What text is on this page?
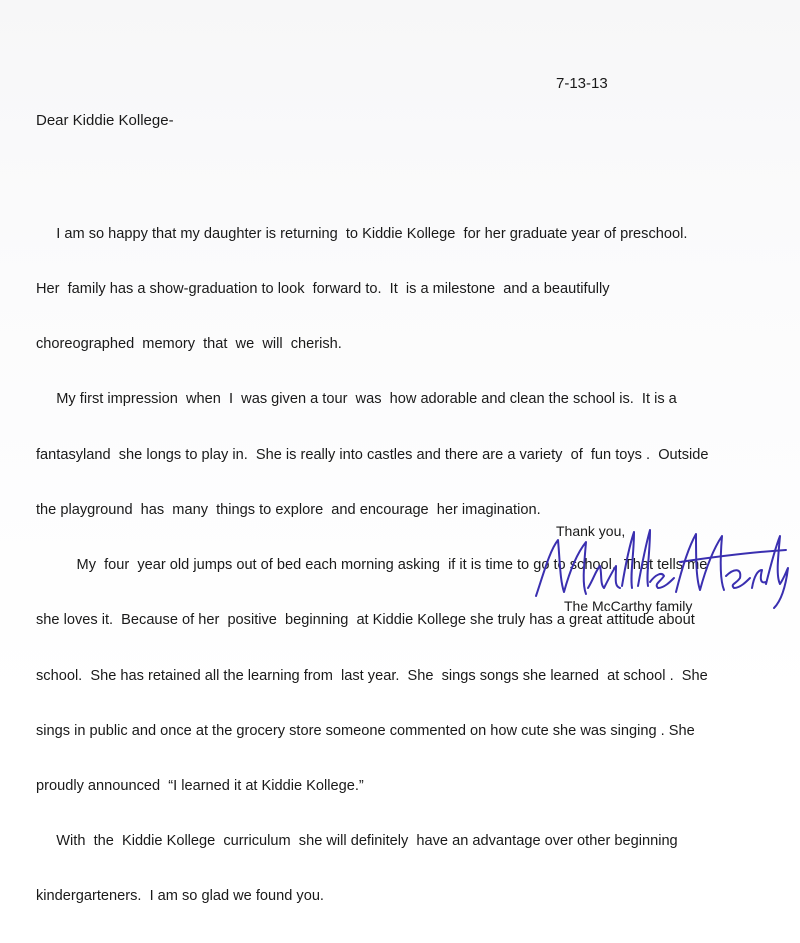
7-13-13
Dear Kiddie Kollege-

I am so happy that my daughter is returning  to Kiddie Kollege  for her graduate year of preschool.

Her  family has a show-graduation to look  forward to.  It  is a milestone  and a beautifully

choreographed  memory  that  we  will  cherish.

My first impression  when  I  was given a tour  was  how adorable and clean the school is.  It is a

fantasyland  she longs to play in.  She is really into castles and there are a variety  of  fun toys .  Outside

the playground  has  many  things to explore  and encourage  her imagination.

My  four  year old jumps out of bed each morning asking  if it is time to go to school.  That tells me

she loves it.  Because of her  positive  beginning  at Kiddie Kollege she truly has a great attitude about

school.  She has retained all the learning from  last year.  She  sings songs she learned  at school .  She

sings in public and once at the grocery store someone commented on how cute she was singing . She

proudly announced  “I learned it at Kiddie Kollege.”

With  the  Kiddie Kollege  curriculum  she will definitely  have an advantage over other beginning

kindergarteners.  I am so glad we found you.

Thank you,
The McCarthy family
